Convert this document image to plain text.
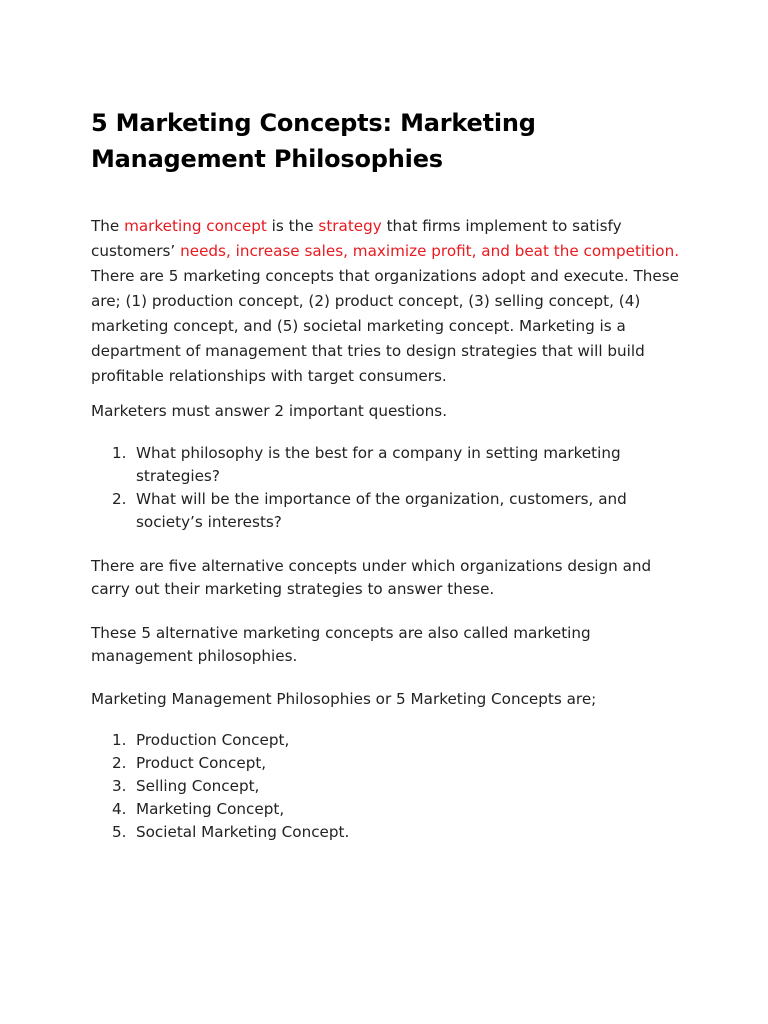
5 Marketing Concepts: Marketing Management Philosophies

The marketing concept is the strategy that firms implement to satisfy customers’ needs, increase sales, maximize profit, and beat the competition. There are 5 marketing concepts that organizations adopt and execute. These are; (1) production concept, (2) product concept, (3) selling concept, (4) marketing concept, and (5) societal marketing concept. Marketing is a department of management that tries to design strategies that will build profitable relationships with target consumers.

Marketers must answer 2 important questions.

1. What philosophy is the best for a company in setting marketing strategies?
2. What will be the importance of the organization, customers, and society’s interests?

There are five alternative concepts under which organizations design and carry out their marketing strategies to answer these.

These 5 alternative marketing concepts are also called marketing management philosophies.

Marketing Management Philosophies or 5 Marketing Concepts are;

1. Production Concept,
2. Product Concept,
3. Selling Concept,
4. Marketing Concept,
5. Societal Marketing Concept.
